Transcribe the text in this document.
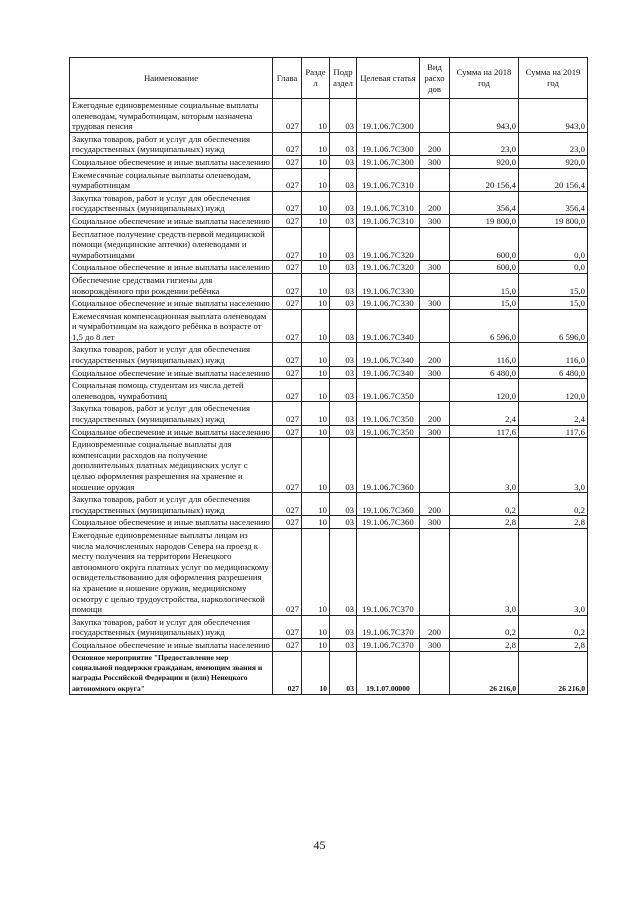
Наименование	Глава	Разде л	Подр аздел	Целевая статья	Вид расхо дов	Сумма на 2018 год	Сумма на 2019 год
Ежегодные единовременные социальные выплаты оленеводам, чумработницам, которым назначена трудовая пенсия	027	10	03	19.1.06.7С300		943,0	943,0
Закупка товаров, работ и услуг для обеспечения государственных (муниципальных) нужд	027	10	03	19.1.06.7С300	200	23,0	23,0
Социальное обеспечение и иные выплаты населению	027	10	03	19.1.06.7С300	300	920,0	920,0
Ежемесячные социальные выплаты оленеводам, чумработницам	027	10	03	19.1.06.7С310		20 156,4	20 156,4
Закупка товаров, работ и услуг для обеспечения государственных (муниципальных) нужд	027	10	03	19.1.06.7С310	200	356,4	356,4
Социальное обеспечение и иные выплаты населению	027	10	03	19.1.06.7С310	300	19 800,0	19 800,0
Бесплатное получение средств первой медицинской помощи (медицинские аптечки) оленеводами и чумработницами	027	10	03	19.1.06.7С320		600,0	0,0
Социальное обеспечение и иные выплаты населению	027	10	03	19.1.06.7С320	300	600,0	0,0
Обеспечение средствами гигиены для новорождённого при рождении ребёнка	027	10	03	19.1.06.7С330		15,0	15,0
Социальное обеспечение и иные выплаты населению	027	10	03	19.1.06.7С330	300	15,0	15,0
Ежемесячная компенсационная выплата оленеводам и чумработницам на каждого ребёнка в возрасте от 1,5 до 8 лет	027	10	03	19.1.06.7С340		6 596,0	6 596,0
Закупка товаров, работ и услуг для обеспечения государственных (муниципальных) нужд	027	10	03	19.1.06.7С340	200	116,0	116,0
Социальное обеспечение и иные выплаты населению	027	10	03	19.1.06.7С340	300	6 480,0	6 480,0
Социальная помощь студентам из числа детей оленеводов, чумработниц	027	10	03	19.1.06.7С350		120,0	120,0
Закупка товаров, работ и услуг для обеспечения государственных (муниципальных) нужд	027	10	03	19.1.06.7С350	200	2,4	2,4
Социальное обеспечение и иные выплаты населению	027	10	03	19.1.06.7С350	300	117,6	117,6
Единовременные социальные выплаты для компенсации расходов на получение дополнительных платных медицинских услуг с целью оформления разрешения на хранение и ношение оружия	027	10	03	19.1.06.7С360		3,0	3,0
Закупка товаров, работ и услуг для обеспечения государственных (муниципальных) нужд	027	10	03	19.1.06.7С360	200	0,2	0,2
Социальное обеспечение и иные выплаты населению	027	10	03	19.1.06.7С360	300	2,8	2,8
Ежегодные единовременные выплаты лицам из числа малочисленных народов Севера на проезд к месту получения на территории Ненецкого автономного округа платных услуг по медицинскому освидетельствованию для оформления разрешения на хранение и ношение оружия, медицинскому осмотру с целью трудоустройства, наркологической помощи	027	10	03	19.1.06.7С370		3,0	3,0
Закупка товаров, работ и услуг для обеспечения государственных (муниципальных) нужд	027	10	03	19.1.06.7С370	200	0,2	0,2
Социальное обеспечение и иные выплаты населению	027	10	03	19.1.06.7С370	300	2,8	2,8
Основное мероприятие "Предоставление мер социальной поддержки гражданам, имеющим звания и награды Российской Федерации и (или) Ненецкого автономного округа"	027	10	03	19.1.07.00000		26 216,0	26 216,0
45
